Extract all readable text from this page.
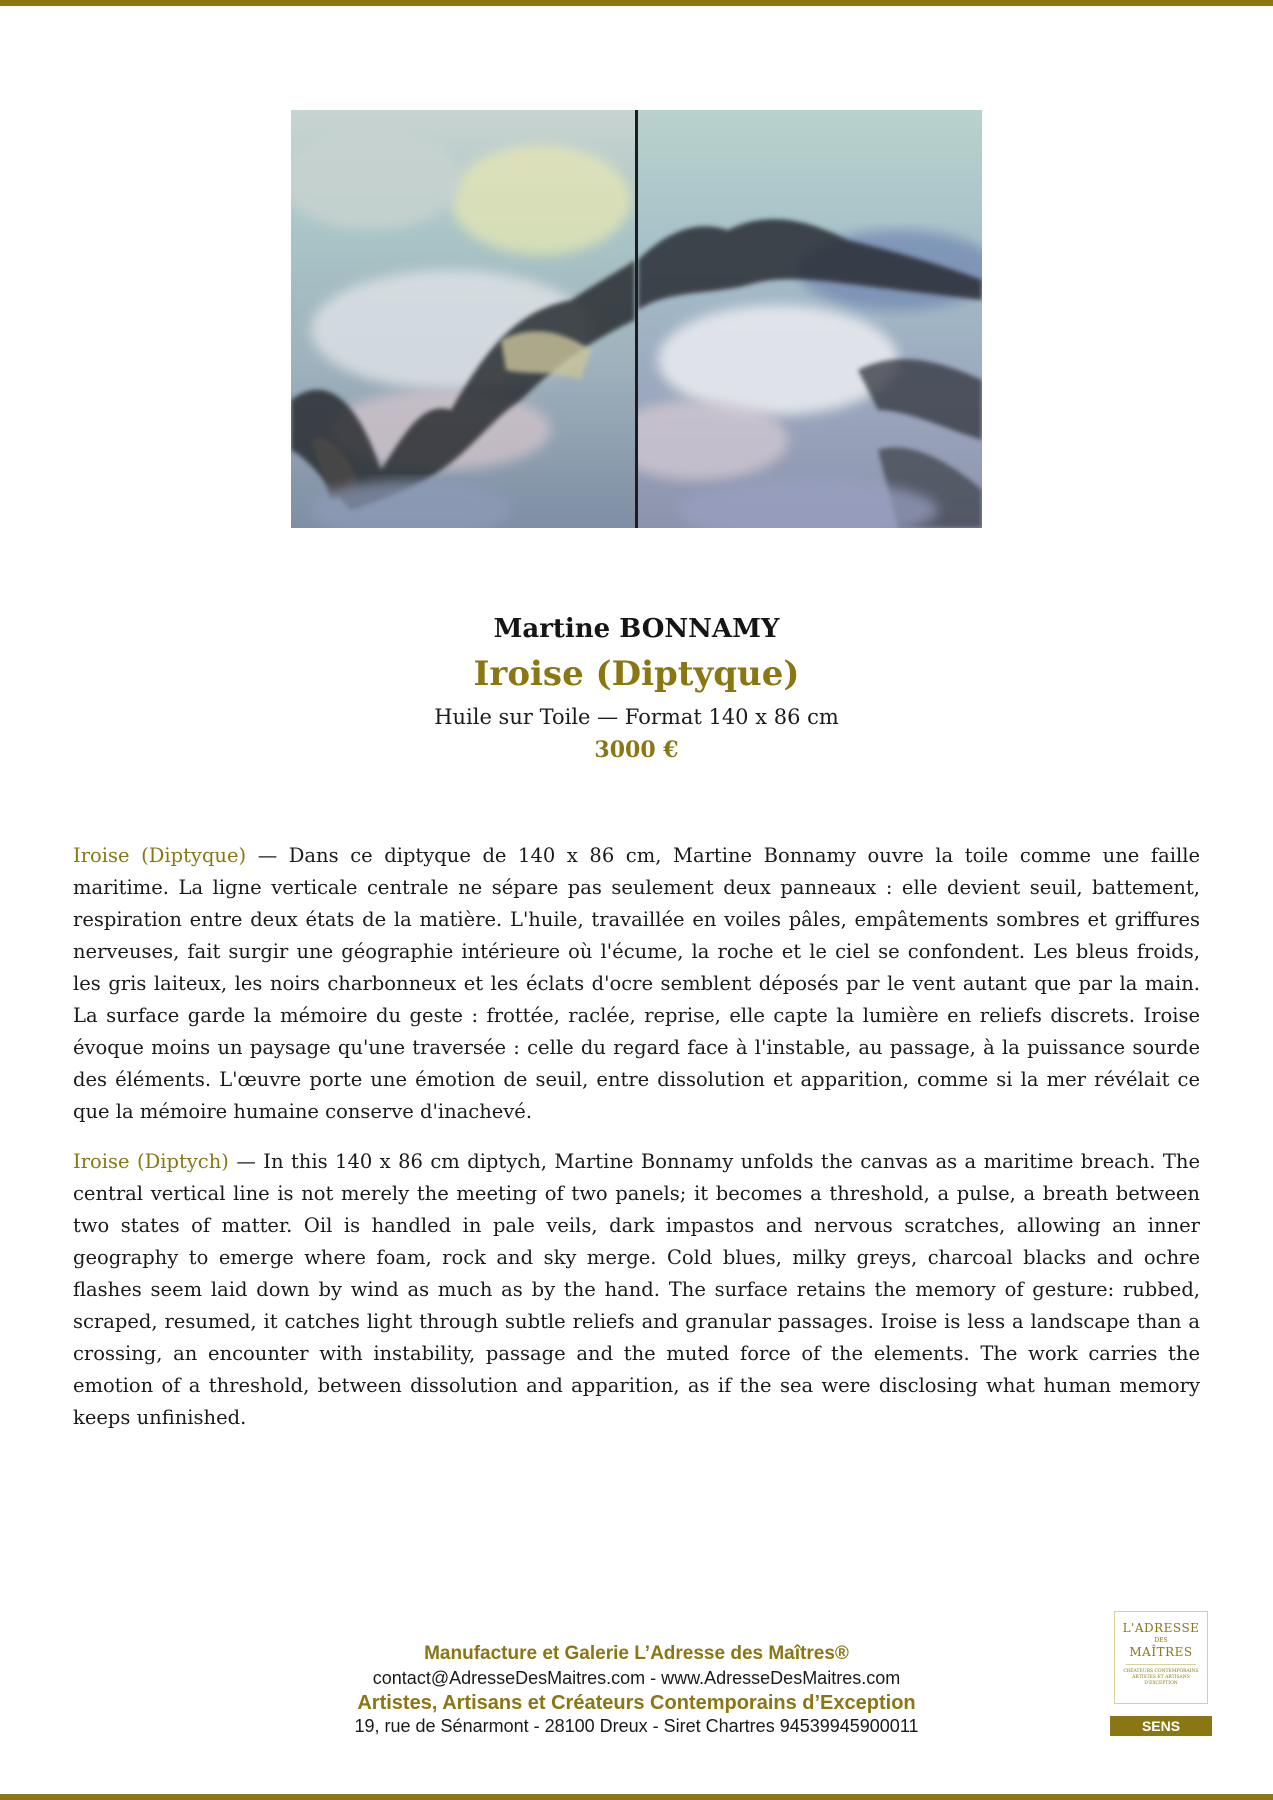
Martine BONNAMY
Iroise (Diptyque)
Huile sur Toile — Format 140 x 86 cm
3000 €

Iroise (Diptyque) — Dans ce diptyque de 140 x 86 cm, Martine Bonnamy ouvre la toile comme une faille maritime. La ligne verticale centrale ne sépare pas seulement deux panneaux : elle devient seuil, battement, respiration entre deux états de la matière. L'huile, travaillée en voiles pâles, empâtements sombres et griffures nerveuses, fait surgir une géographie intérieure où l'écume, la roche et le ciel se confondent. Les bleus froids, les gris laiteux, les noirs charbonneux et les éclats d'ocre semblent déposés par le vent autant que par la main. La surface garde la mémoire du geste : frottée, raclée, reprise, elle capte la lumière en reliefs discrets. Iroise évoque moins un paysage qu'une traversée : celle du regard face à l'instable, au passage, à la puissance sourde des éléments. L'œuvre porte une émotion de seuil, entre dissolution et apparition, comme si la mer révélait ce que la mémoire humaine conserve d'inachevé.

Iroise (Diptych) — In this 140 x 86 cm diptych, Martine Bonnamy unfolds the canvas as a maritime breach. The central vertical line is not merely the meeting of two panels; it becomes a threshold, a pulse, a breath between two states of matter. Oil is handled in pale veils, dark impastos and nervous scratches, allowing an inner geography to emerge where foam, rock and sky merge. Cold blues, milky greys, charcoal blacks and ochre flashes seem laid down by wind as much as by the hand. The surface retains the memory of gesture: rubbed, scraped, resumed, it catches light through subtle reliefs and granular passages. Iroise is less a landscape than a crossing, an encounter with instability, passage and the muted force of the elements. The work carries the emotion of a threshold, between dissolution and apparition, as if the sea were disclosing what human memory keeps unfinished.

Manufacture et Galerie L’Adresse des Maîtres®
contact@AdresseDesMaitres.com - www.AdresseDesMaitres.com
Artistes, Artisans et Créateurs Contemporains d’Exception
19, rue de Sénarmont - 28100 Dreux - Siret Chartres 94539945900011
L'ADRESSE
DES
MAÎTRES
CRÉATEURS CONTEMPORAINS ARTISTES ET ARTISANS D'EXCEPTION
SENS
